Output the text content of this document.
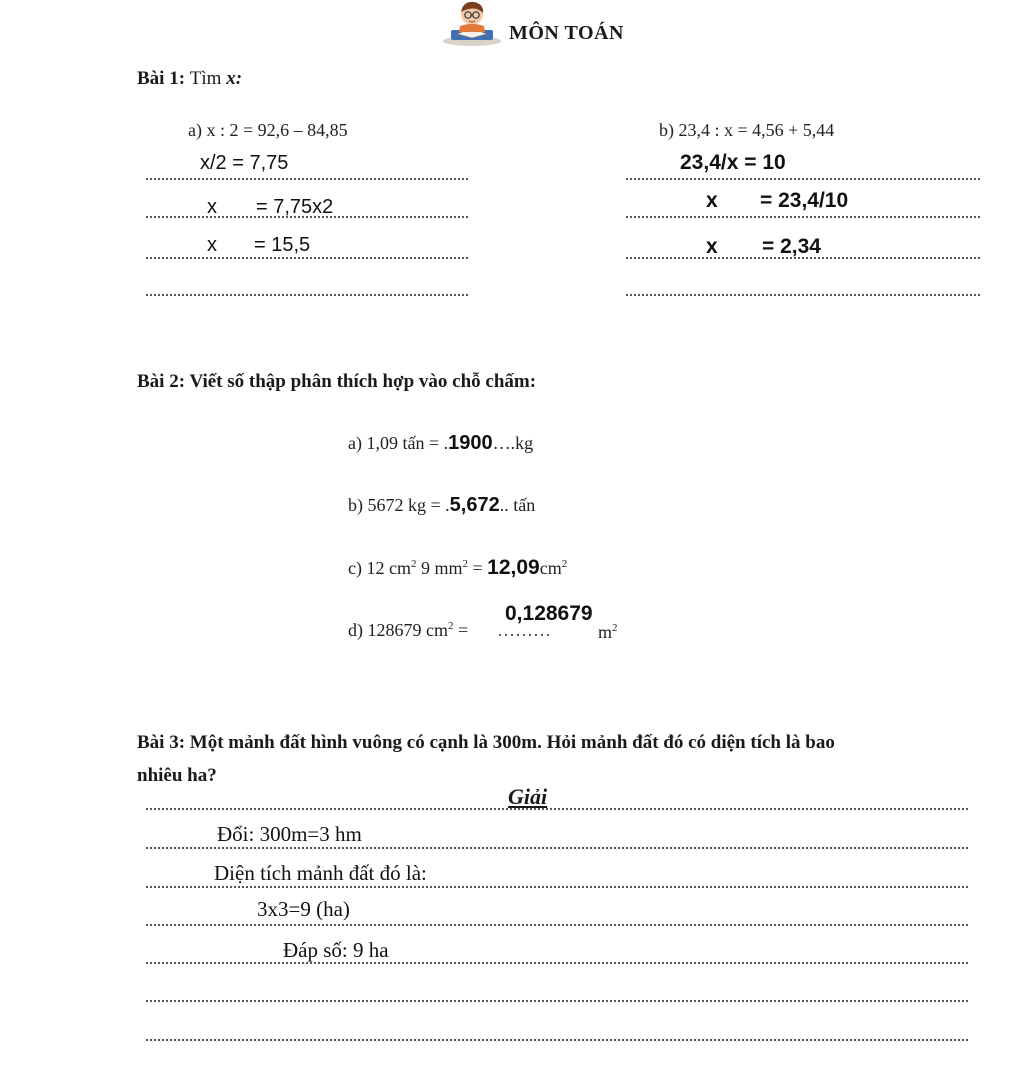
MÔN TOÁN
Bài 1: Tìm x:
a) x : 2 = 92,6 – 84,85
x/2 = 7,75
x = 7,75x2
x = 15,5
b) 23,4 : x = 4,56 + 5,44
23,4/x = 10
x = 23,4/10
x = 2,34
Bài 2: Viết số thập phân thích hợp vào chỗ chấm:
a) 1,09 tấn = .1900….kg
b) 5672 kg = .5,672.. tấn
c) 12 $cm^2$ 9 $mm^2 = 12,09cm^2$
d) 128679 $cm^2$ =
0,128679
………	$m^2$
Bài 3: Một mảnh đất hình vuông có cạnh là 300m. Hỏi mảnh đất đó có diện tích là bao
nhiêu ha?
Giải
Đổi: 300m=3 hm
Diện tích mảnh đất đó là:
3x3=9 (ha)
Đáp số: 9 ha
